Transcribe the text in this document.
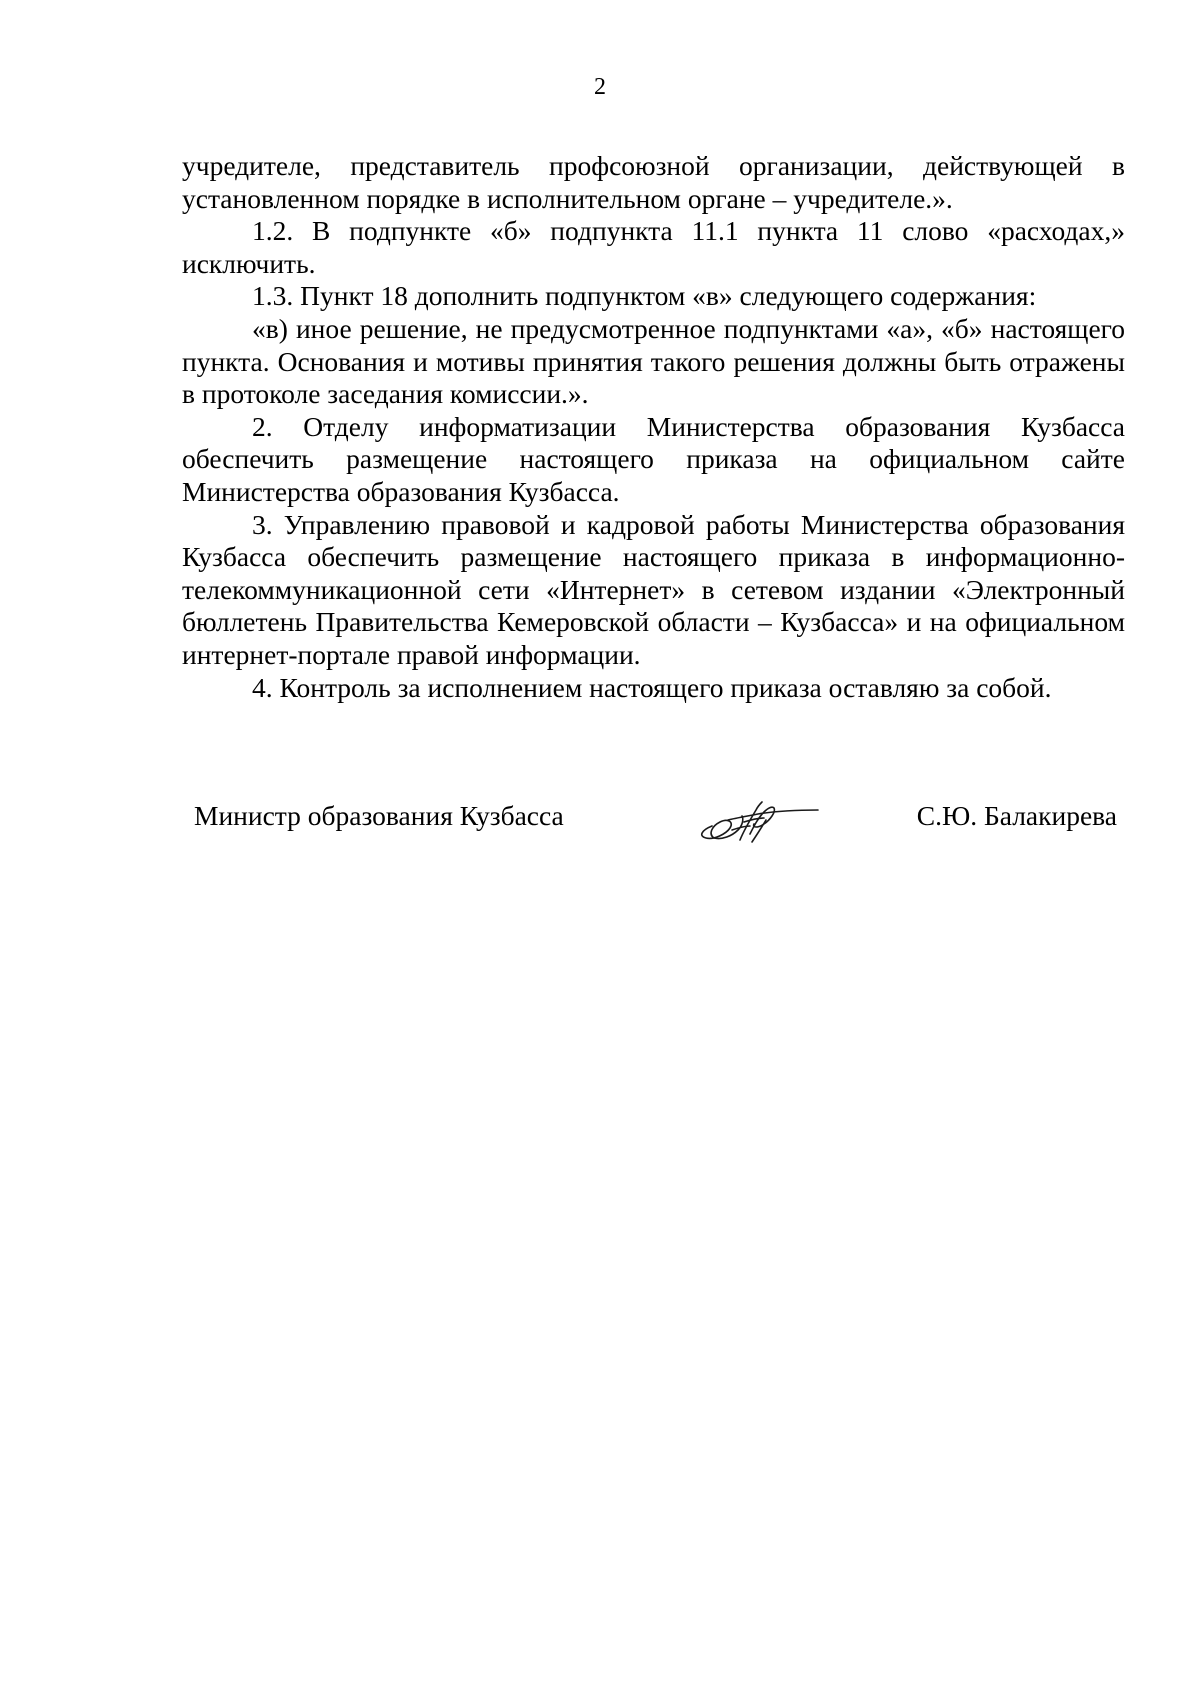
2

учредителе, представитель профсоюзной организации, действующей в установленном порядке в исполнительном органе – учредителе.».

1.2. В подпункте «б» подпункта 11.1 пункта 11 слово «расходах,» исключить.

1.3. Пункт 18 дополнить подпунктом «в» следующего содержания:

«в) иное решение, не предусмотренное подпунктами «а», «б» настоящего пункта. Основания и мотивы принятия такого решения должны быть отражены в протоколе заседания комиссии.».

2. Отделу информатизации Министерства образования Кузбасса обеспечить размещение настоящего приказа на официальном сайте Министерства образования Кузбасса.

3. Управлению правовой и кадровой работы Министерства образования Кузбасса обеспечить размещение настоящего приказа в информационно-телекоммуникационной сети «Интернет» в сетевом издании «Электронный бюллетень Правительства Кемеровской области – Кузбасса» и на официальном интернет-портале правой информации.

4. Контроль за исполнением настоящего приказа оставляю за собой.

Министр образования Кузбасса	С.Ю. Балакирева
